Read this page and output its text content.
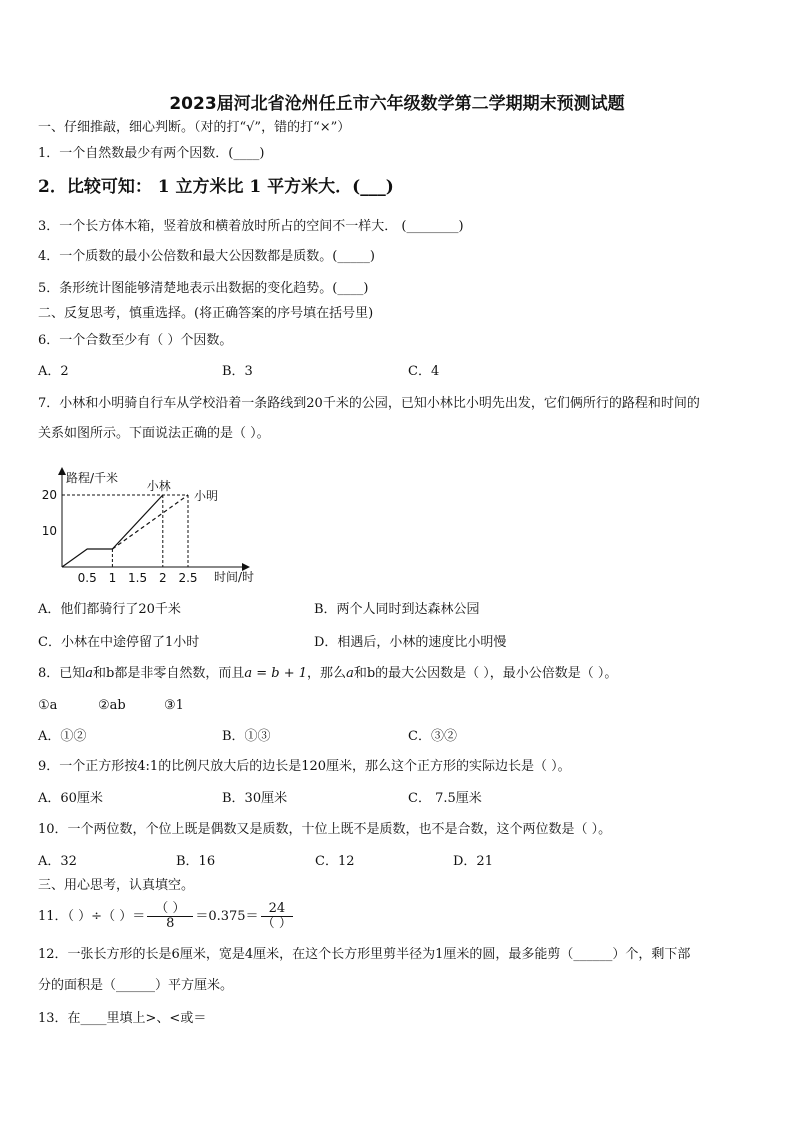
2023届河北省沧州任丘市六年级数学第二学期期末预测试题
一、仔细推敲，细心判断。（对的打“√”，错的打“×”）
1．一个自然数最少有两个因数．(____)
2．比较可知： 1 立方米比 1 平方米大．(___)
3．一个长方体木箱，竖着放和横着放时所占的空间不一样大． (________)
4．一个质数的最小公倍数和最大公因数都是质数。(_____)
5．条形统计图能够清楚地表示出数据的变化趋势。(____)
二、反复思考，慎重选择。(将正确答案的序号填在括号里)
6．一个合数至少有（ ）个因数。
A．2	B．3	C．4
7．小林和小明骑自行车从学校沿着一条路线到20千米的公园，已知小林比小明先出发，它们俩所行的路程和时间的
关系如图所示。下面说法正确的是（ ）。
路程/千米
时间/时
10
20
0.5 1 1.5 2 2.5
小林
小明
A．他们都骑行了20千米	B．两个人同时到达森林公园
C．小林在中途停留了1小时	D．相遇后，小林的速度比小明慢
8．已知a和b都是非零自然数，而且a = b + 1，那么a和b的最大公因数是（ ），最小公倍数是（ ）。
①a	②ab	③1
A．①②	B．①③	C．③②
9．一个正方形按4:1的比例尺放大后的边长是120厘米，那么这个正方形的实际边长是（ ）。
A．60厘米	B．30厘米	C． 7.5厘米
10．一个两位数，个位上既是偶数又是质数，十位上既不是质数，也不是合数，这个两位数是（ ）。
A．32	B．16	C．12	D．21
三、用心思考，认真填空。
11．（ ）÷（ ）＝ $\frac{( )}{8} =0.375= \frac{24}{( )}$
12．一张长方形的长是6厘米，宽是4厘米，在这个长方形里剪半径为1厘米的圆，最多能剪（______）个，剩下部
分的面积是（______）平方厘米。
13．在____里填上>、<或＝
